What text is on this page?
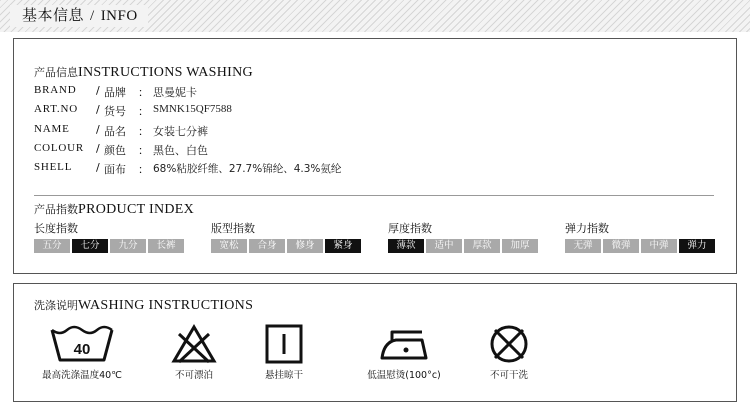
基本信息 / INFO
产品信息INSTRUCTIONS WASHING
BRAND / 品牌 ： 思曼妮卡
ART.NO / 货号 ： SMNK15QF7588
NAME / 品名 ： 女装七分裤
COLOUR / 颜色 ： 黑色、白色
SHELL / 面布 ： 68%粘胶纤维、27.7%锦纶、4.3%氨纶
产品指数PRODUCT INDEX
长度指数
五分	七分	九分	长裤
版型指数
宽松	合身	修身	紧身
厚度指数
薄款	适中	厚款	加厚
弹力指数
无弹	微弹	中弹	弹力
洗涤说明WASHING INSTRUCTIONS
40
最高洗涤温度40℃	不可漂泊	悬挂晾干	低温慰烫(100°c)	不可干洗
